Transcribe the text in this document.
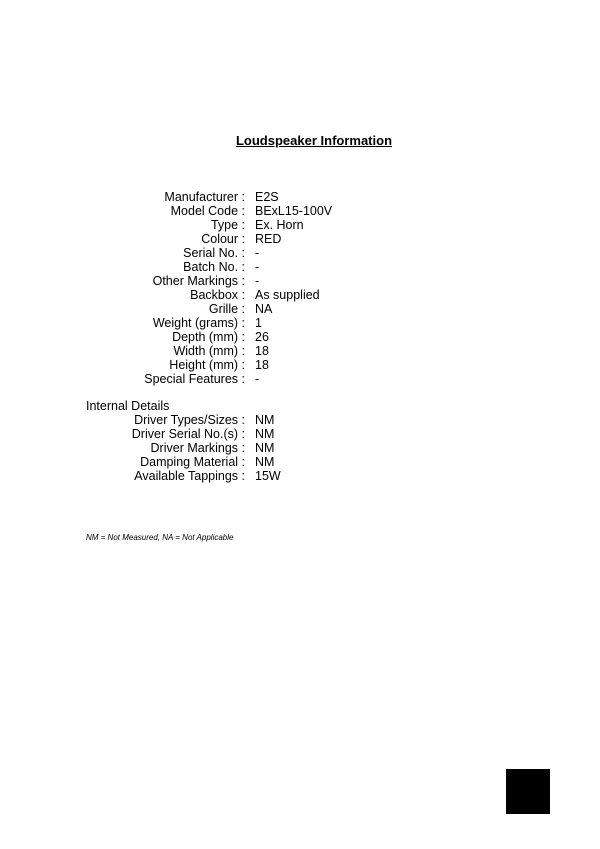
Loudspeaker Information
Manufacturer : E2S
Model Code : BExL15-100V
Type : Ex. Horn
Colour : RED
Serial No. : -
Batch No. : -
Other Markings : -
Backbox : As supplied
Grille : NA
Weight (grams) : 1
Depth (mm) : 26
Width (mm) : 18
Height (mm) : 18
Special Features : -
Internal Details
Driver Types/Sizes : NM
Driver Serial No.(s) : NM
Driver Markings : NM
Damping Material : NM
Available Tappings : 15W
NM = Not Measured, NA = Not Applicable
